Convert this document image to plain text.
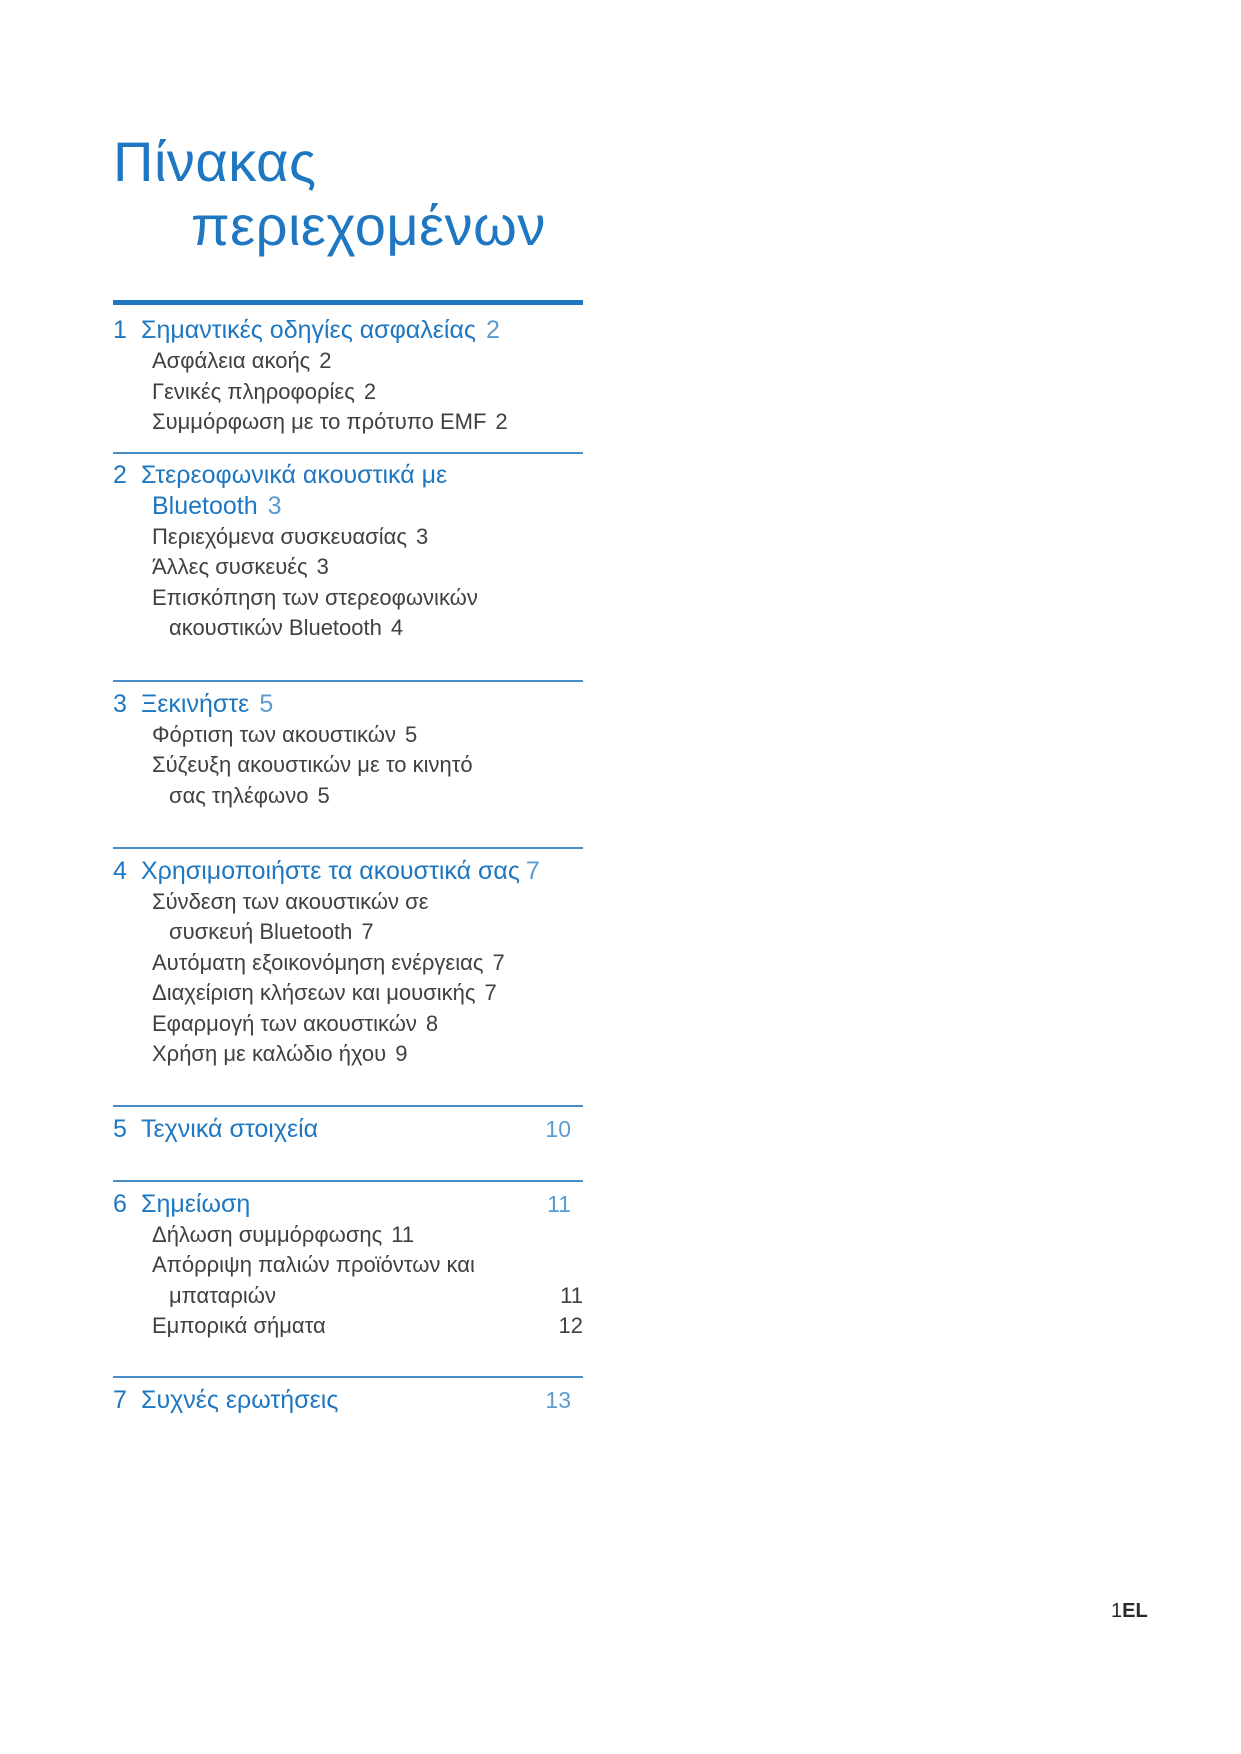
Πίνακας
περιεχομένων
1 Σημαντικές οδηγίες ασφαλείας 2
Ασφάλεια ακοής 2
Γενικές πληροφορίες 2
Συμμόρφωση με το πρότυπο EMF 2
2 Στερεοφωνικά ακουστικά με
Bluetooth 3
Περιεχόμενα συσκευασίας 3
Άλλες συσκευές 3
Επισκόπηση των στερεοφωνικών
ακουστικών Bluetooth 4
3 Ξεκινήστε 5
Φόρτιση των ακουστικών 5
Σύζευξη ακουστικών με το κινητό
σας τηλέφωνο 5
4 Χρησιμοποιήστε τα ακουστικά σας 7
Σύνδεση των ακουστικών σε
συσκευή Bluetooth 7
Αυτόματη εξοικονόμηση ενέργειας 7
Διαχείριση κλήσεων και μουσικής 7
Εφαρμογή των ακουστικών 8
Χρήση με καλώδιο ήχου 9
5 Τεχνικά στοιχεία	10
6 Σημείωση	11
Δήλωση συμμόρφωσης 11
Απόρριψη παλιών προϊόντων και
μπαταριών	11
Εμπορικά σήματα	12
7 Συχνές ερωτήσεις	13
1EL
